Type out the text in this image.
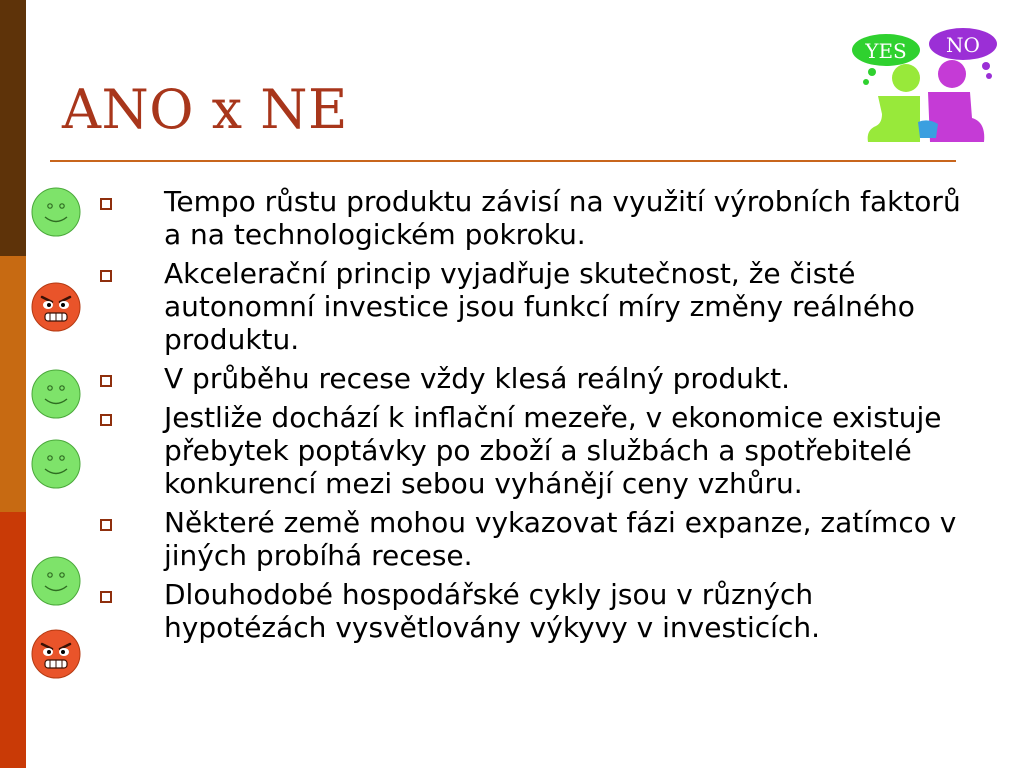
ANO x NE
YES NO
Tempo růstu produktu závisí na využití výrobních faktorů a na technologickém pokroku.
Akcelerační princip vyjadřuje skutečnost, že čisté autonomní investice jsou funkcí míry změny reálného produktu.
V průběhu recese vždy klesá reálný produkt.
Jestliže dochází k inflační mezeře, v ekonomice existuje přebytek poptávky po zboží a službách a spotřebitelé konkurencí mezi sebou vyhánějí ceny vzhůru.
Některé země mohou vykazovat fázi expanze, zatímco v jiných probíhá recese.
Dlouhodobé hospodářské cykly jsou v různých hypotézách vysvětlovány výkyvy v investicích.
